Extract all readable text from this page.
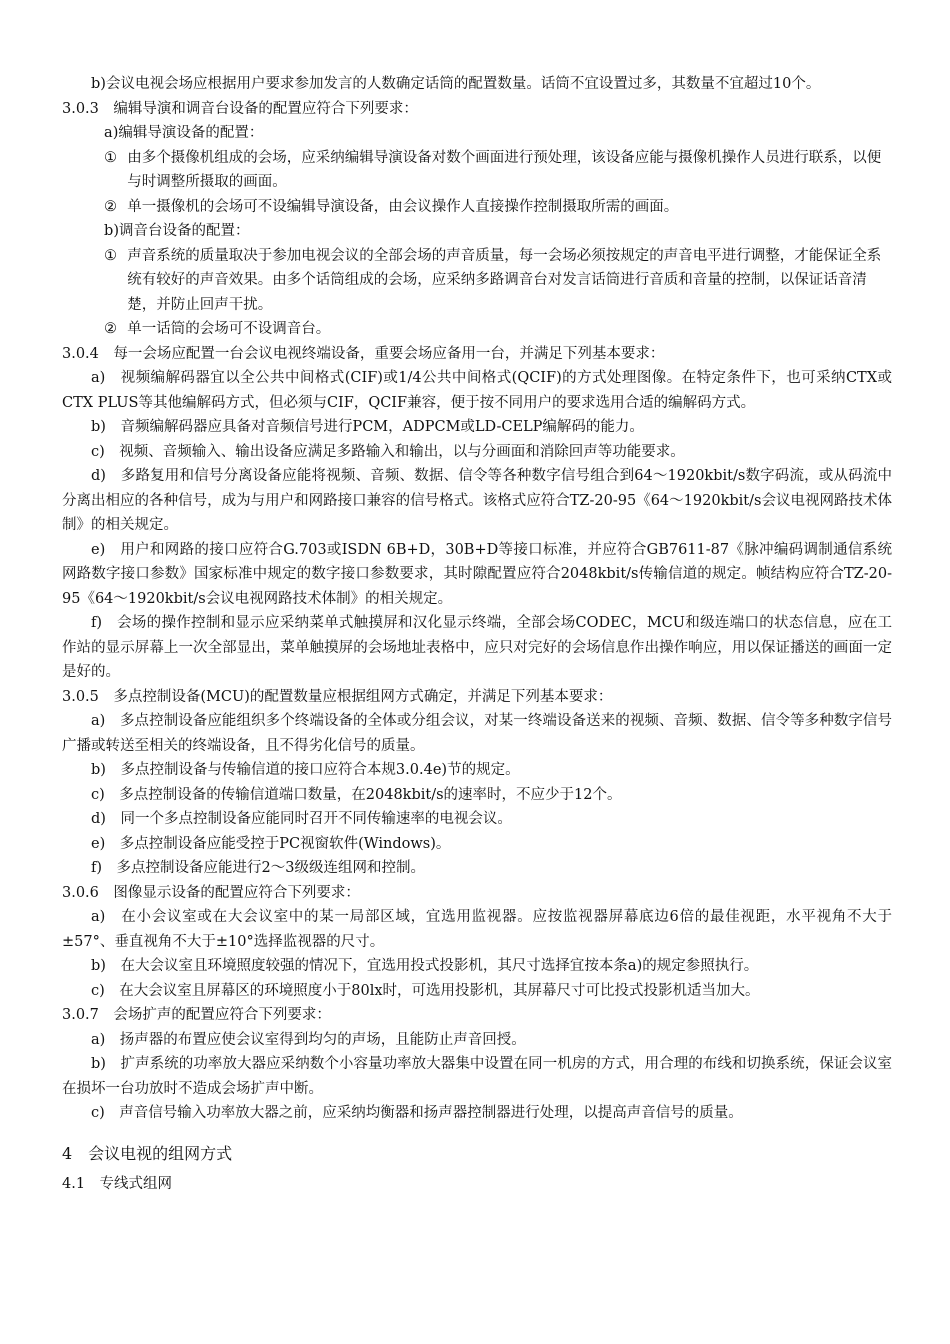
b)会议电视会场应根据用户要求参加发言的人数确定话筒的配置数量。话筒不宜设置过多，其数量不宜超过10个。

3.0.3　编辑导演和调音台设备的配置应符合下列要求：

a)编辑导演设备的配置：

① 由多个摄像机组成的会场，应采纳编辑导演设备对数个画面进行预处理，该设备应能与摄像机操作人员进行联系，以便与时调整所摄取的画面。
② 单一摄像机的会场可不设编辑导演设备，由会议操作人直接操作控制摄取所需的画面。

b)调音台设备的配置：

① 声音系统的质量取决于参加电视会议的全部会场的声音质量，每一会场必须按规定的声音电平进行调整，才能保证全系统有较好的声音效果。由多个话筒组成的会场，应采纳多路调音台对发言话筒进行音质和音量的控制，以保证话音清楚，并防止回声干扰。
② 单一话筒的会场可不设调音台。

3.0.4　每一会场应配置一台会议电视终端设备，重要会场应备用一台，并满足下列基本要求：

a)　视频编解码器宜以全公共中间格式(CIF)或1/4公共中间格式(QCIF)的方式处理图像。在特定条件下，也可采纳CTX或CTX PLUS等其他编解码方式，但必须与CIF，QCIF兼容，便于按不同用户的要求选用合适的编解码方式。

b)　音频编解码器应具备对音频信号进行PCM，ADPCM或LD-CELP编解码的能力。

c)　视频、音频输入、输出设备应满足多路输入和输出，以与分画面和消除回声等功能要求。

d)　多路复用和信号分离设备应能将视频、音频、数据、信令等各种数字信号组合到64～1920kbit/s数字码流，或从码流中分离出相应的各种信号，成为与用户和网路接口兼容的信号格式。该格式应符合TZ-20-95《64～1920kbit/s会议电视网路技术体制》的相关规定。

e)　用户和网路的接口应符合G.703或ISDN 6B+D，30B+D等接口标准，并应符合GB7611-87《脉冲编码调制通信系统网路数字接口参数》国家标准中规定的数字接口参数要求，其时隙配置应符合2048kbit/s传输信道的规定。帧结构应符合TZ-20-95《64～1920kbit/s会议电视网路技术体制》的相关规定。

f)　会场的操作控制和显示应采纳菜单式触摸屏和汉化显示终端，全部会场CODEC，MCU和级连端口的状态信息，应在工作站的显示屏幕上一次全部显出，菜单触摸屏的会场地址表格中，应只对完好的会场信息作出操作响应，用以保证播送的画面一定是好的。

3.0.5　多点控制设备(MCU)的配置数量应根据组网方式确定，并满足下列基本要求：

a)　多点控制设备应能组织多个终端设备的全体或分组会议，对某一终端设备送来的视频、音频、数据、信令等多种数字信号广播或转送至相关的终端设备，且不得劣化信号的质量。

b)　多点控制设备与传输信道的接口应符合本规3.0.4e)节的规定。

c)　多点控制设备的传输信道端口数量，在2048kbit/s的速率时，不应少于12个。

d)　同一个多点控制设备应能同时召开不同传输速率的电视会议。

e)　多点控制设备应能受控于PC视窗软件(Windows)。

f)　多点控制设备应能进行2～3级级连组网和控制。

3.0.6　图像显示设备的配置应符合下列要求：

a)　在小会议室或在大会议室中的某一局部区域，宜选用监视器。应按监视器屏幕底边6倍的最佳视距，水平视角不大于±57°、垂直视角不大于±10°选择监视器的尺寸。

b)　在大会议室且环境照度较强的情况下，宜选用投式投影机，其尺寸选择宜按本条a)的规定参照执行。

c)　在大会议室且屏幕区的环境照度小于80lx时，可选用投影机，其屏幕尺寸可比投式投影机适当加大。

3.0.7　会场扩声的配置应符合下列要求：

a)　扬声器的布置应使会议室得到均匀的声场，且能防止声音回授。

b)　扩声系统的功率放大器应采纳数个小容量功率放大器集中设置在同一机房的方式，用合理的布线和切换系统，保证会议室在损坏一台功放时不造成会场扩声中断。

c)　声音信号输入功率放大器之前，应采纳均衡器和扬声器控制器进行处理，以提高声音信号的质量。

4　会议电视的组网方式

4.1　专线式组网
